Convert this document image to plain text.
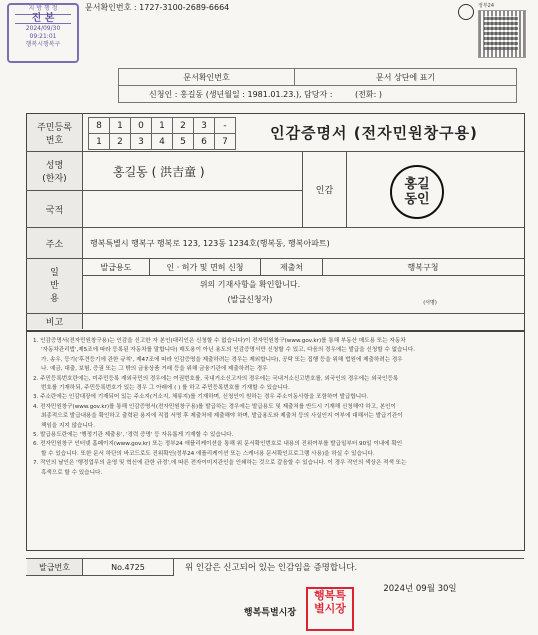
지 방 행 정
진 본
2024/09/30
09:21:01
행복시행복구
문서확인번호 : 1727-3100-2689-6664	정부24
문서확인번호	문서 상단에 표기
신청인 : 홍길동 (생년월일 : 1981.01.23.), 담당자 :	(전화: )
주민등록
번호
8	1	0	1	2	3	-
1	2	3	4	5	6	7	인감증명서 (전자민원창구용)
성명
(한자)
홍길동 ( 洪吉童 )
인감	홍길
동인
국적
주소	행복특별시 행복구 행복로 123, 123동 1234호(행복동, 행복아파트)
일
반
용
발급용도	인 · 허가 및 면허 신청	제출처	행복구청
위의 기재사항을 확인합니다.
(발급신청자)	(서명)
비고
1. 인감증명서(전자민원창구용)는 인감을 신고한 자 본인(대리인은 신청할 수 없습니다)이 전자민원창구(www.gov.kr)를 통해 부동산 매도용 또는 자동차
'자동차관리법',제5조에 따라 등록된 자동차를 말합니다) 매도용이 아닌 용도의 인감증명서만 신청할 수 있고, 다음의 경우에는 발급을 신청할 수 없습니다.
가. 송우, 등기('후견등기에 관한 규칙', 제47조에 따라 인감증명을 제출하려는 경우는 제외합니다), 공탁 또는 집행 등을 위해 법원에 제출하려는 경우
나. 예금, 대출, 보험, 증권 또는 그 밖의 금융상품 거래 등을 위해 금융기관에 제출하려는 경우
2. 주민등록번호란에는, 미주민등록 재외국민의 경우에는 여권번호를, 국내거소신고자의 경우에는 국내거소신고번호를, 외국인의 경우에는 외국인등록
번호를 기재하되, 주민등록번호가 있는 경우 그 아래에 ( ) 를 하고 주민등록번호를 기재할 수 있습니다.
3. 주소란에는 인감대장에 기재되어 있는 주소지(거소지, 체류지)를 기재하며, 신청인이 원하는 경우 주소이동사항을 포함하여 발급합니다.
4. 전자민원창구(www.gov.kr)를 통해 인감증명서(전자민원창구용)를 발급하는 경우에는 발급용도 및 제출처를 반드시 기재해 신청해야 하고, 본인이
최종적으로 발급내용을 확인하고 출력된 용지에 직접 서명 후 제출처에 제출해야 하며, 발급용도와 제출처 등의 사실인지 여부에 대해서는 발급기관이
책임을 지지 않습니다.
5. 발급용도란에는 '행정기관 제출용', '경력 증명' 등 자유롭게 기재할 수 있습니다.
6. 전자민원창구 인터넷 홈페이지(www.gov.kr) 또는 정부24 애플리케이션을 통해 위 문서확인번호로 내용의 진위여부를 발급일부터 90일 이내에 확인
할 수 있습니다. 또한 문서 하단의 바코드로도 진위확인(정부24 애플리케이션 또는 스캐너용 문서확인프로그램 사용)을 하실 수 있습니다.
7. 작인의 날인은 '행정업무의 운영 및 혁신에 관한 규정',에 따른 전자이미지관인을 인쇄하는 것으로 갈음할 수 있습니다. 이 경우 작인의 색상은 적색 또는
흑색으로 할 수 있습니다.
발급번호	No.4725	위 인감은 신고되어 있는 인감임을 증명합니다.
2024년 09월 30일
행복특별시장
행복특
별시장
